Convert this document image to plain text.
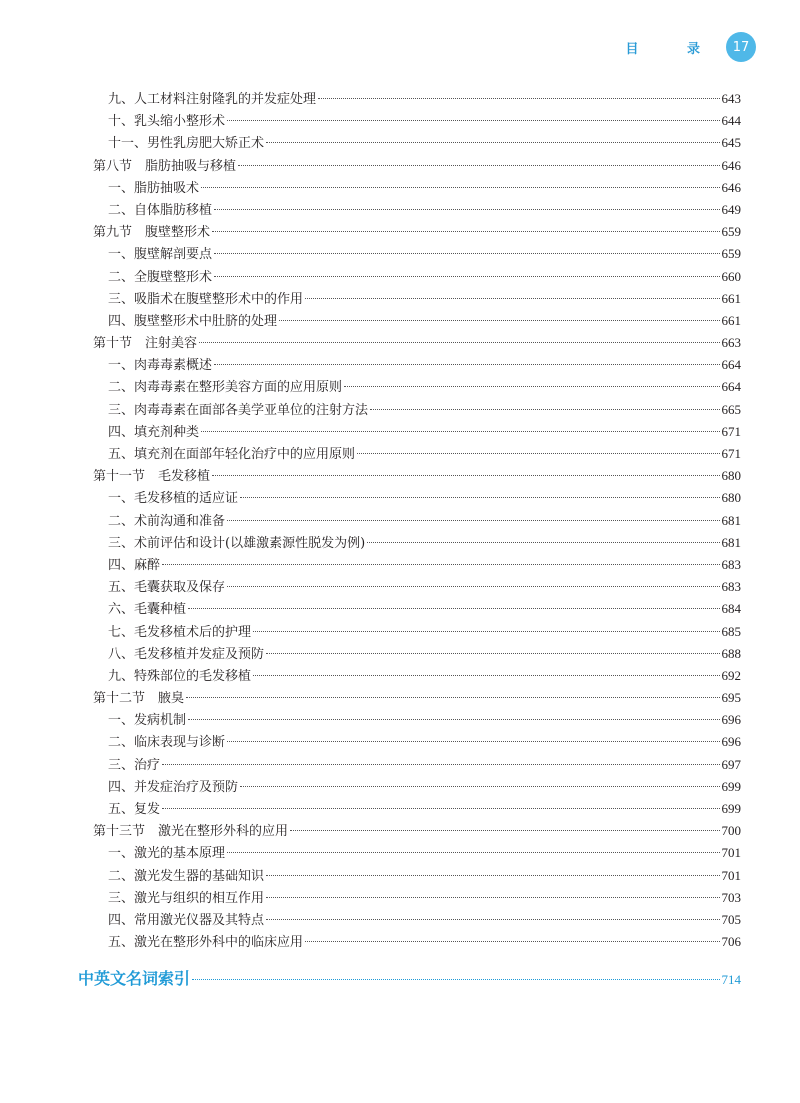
目 录 17
九、人工材料注射隆乳的并发症处理	643
十、乳头缩小整形术	644
十一、男性乳房肥大矫正术	645
第八节　脂肪抽吸与移植	646
一、脂肪抽吸术	646
二、自体脂肪移植	649
第九节　腹壁整形术	659
一、腹壁解剖要点	659
二、全腹壁整形术	660
三、吸脂术在腹壁整形术中的作用	661
四、腹壁整形术中肚脐的处理	661
第十节　注射美容	663
一、肉毒毒素概述	664
二、肉毒毒素在整形美容方面的应用原则	664
三、肉毒毒素在面部各美学亚单位的注射方法	665
四、填充剂种类	671
五、填充剂在面部年轻化治疗中的应用原则	671
第十一节　毛发移植	680
一、毛发移植的适应证	680
二、术前沟通和准备	681
三、术前评估和设计(以雄激素源性脱发为例)	681
四、麻醉	683
五、毛囊获取及保存	683
六、毛囊种植	684
七、毛发移植术后的护理	685
八、毛发移植并发症及预防	688
九、特殊部位的毛发移植	692
第十二节　腋臭	695
一、发病机制	696
二、临床表现与诊断	696
三、治疗	697
四、并发症治疗及预防	699
五、复发	699
第十三节　激光在整形外科的应用	700
一、激光的基本原理	701
二、激光发生器的基础知识	701
三、激光与组织的相互作用	703
四、常用激光仪器及其特点	705
五、激光在整形外科中的临床应用	706
中英文名词索引	714
